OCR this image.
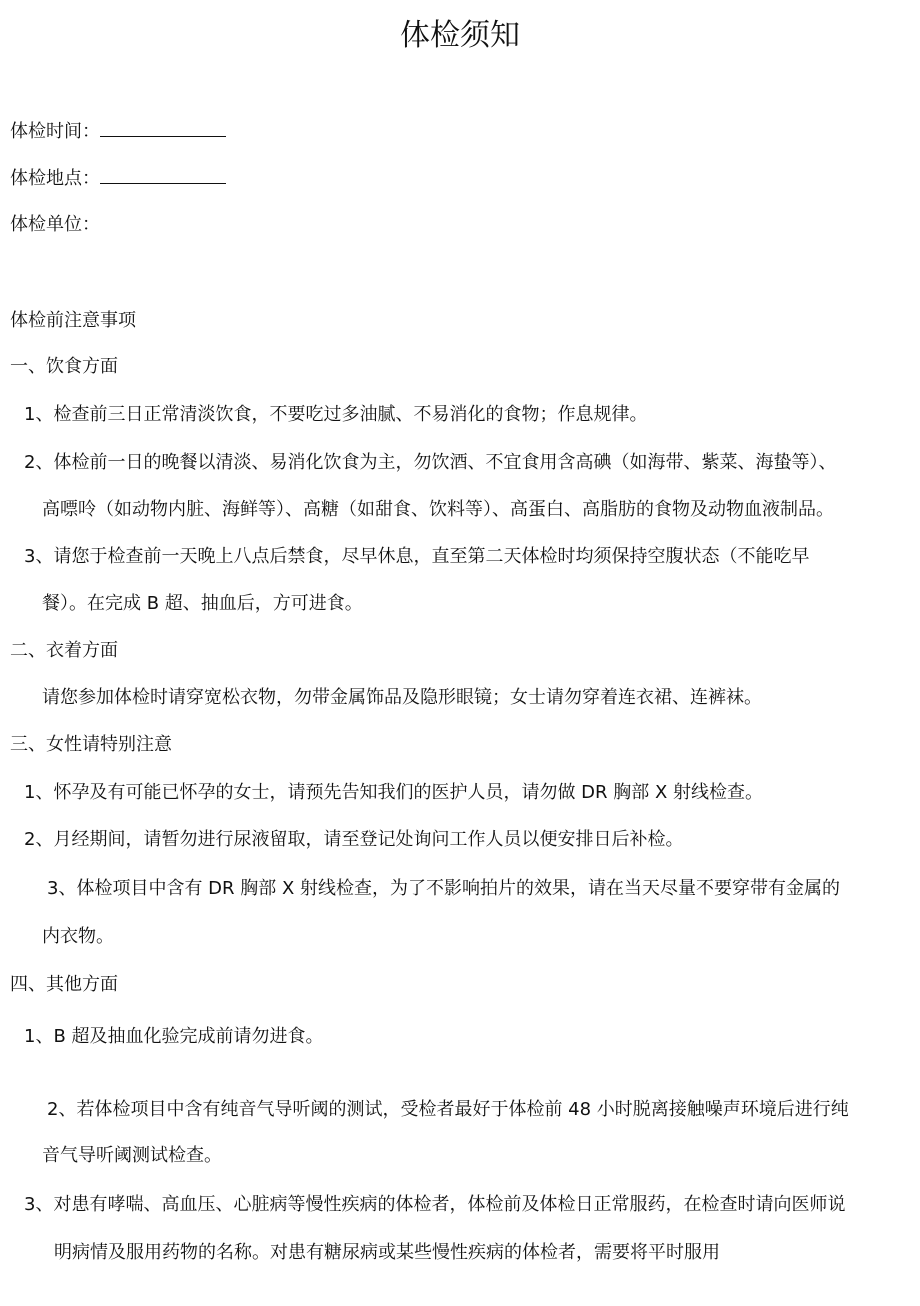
体检须知
体检时间：
体检地点：
体检单位：
体检前注意事项
一、饮食方面
1、检查前三日正常清淡饮食，不要吃过多油腻、不易消化的食物；作息规律。
2、体检前一日的晚餐以清淡、易消化饮食为主，勿饮酒、不宜食用含高碘（如海带、紫菜、海蛰等）、
高嘌呤（如动物内脏、海鲜等）、高糖（如甜食、饮料等）、高蛋白、高脂肪的食物及动物血液制品。
3、请您于检查前一天晚上八点后禁食，尽早休息，直至第二天体检时均须保持空腹状态（不能吃早
餐）。在完成 B 超、抽血后，方可进食。
二、衣着方面
请您参加体检时请穿宽松衣物，勿带金属饰品及隐形眼镜；女士请勿穿着连衣裙、连裤袜。
三、女性请特别注意
1、怀孕及有可能已怀孕的女士，请预先告知我们的医护人员，请勿做 DR 胸部 X 射线检查。
2、月经期间，请暂勿进行尿液留取，请至登记处询问工作人员以便安排日后补检。
3、体检项目中含有 DR 胸部 X 射线检查，为了不影响拍片的效果，请在当天尽量不要穿带有金属的
内衣物。
四、其他方面
1、B 超及抽血化验完成前请勿进食。
2、若体检项目中含有纯音气导听阈的测试，受检者最好于体检前 48 小时脱离接触噪声环境后进行纯
音气导听阈测试检查。
3、对患有哮喘、高血压、心脏病等慢性疾病的体检者，体检前及体检日正常服药，在检查时请向医师说
明病情及服用药物的名称。对患有糖尿病或某些慢性疾病的体检者，需要将平时服用
